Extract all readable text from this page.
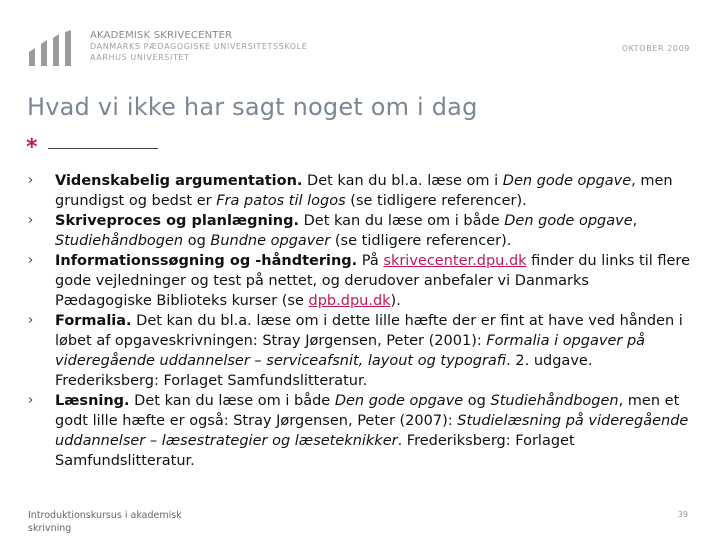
AKADEMISK SKRIVECENTER
DANMARKS PÆDAGOGISKE UNIVERSITETSSKOLE
AARHUS UNIVERSITET
OKTOBER 2009
Hvad vi ikke har sagt noget om i dag
*
› Videnskabelig argumentation. Det kan du bl.a. læse om i Den gode opgave, men grundigst og bedst er Fra patos til logos (se tidligere referencer).
› Skriveproces og planlægning. Det kan du læse om i både Den gode opgave, Studiehåndbogen og Bundne opgaver (se tidligere referencer).
› Informationssøgning og -håndtering. På skrivecenter.dpu.dk finder du links til flere gode vejledninger og test på nettet, og derudover anbefaler vi Danmarks Pædagogiske Biblioteks kurser (se dpb.dpu.dk).
› Formalia. Det kan du bl.a. læse om i dette lille hæfte der er fint at have ved hånden i løbet af opgaveskrivningen: Stray Jørgensen, Peter (2001): Formalia i opgaver på videregående uddannelser – serviceafsnit, layout og typografi. 2. udgave. Frederiksberg: Forlaget Samfundslitteratur.
› Læsning. Det kan du læse om i både Den gode opgave og Studiehåndbogen, men et godt lille hæfte er også: Stray Jørgensen, Peter (2007): Studielæsning på videregående uddannelser – læsestrategier og læseteknikker. Frederiksberg: Forlaget Samfundslitteratur.
Introduktionskursus i akademisk skrivning
39
